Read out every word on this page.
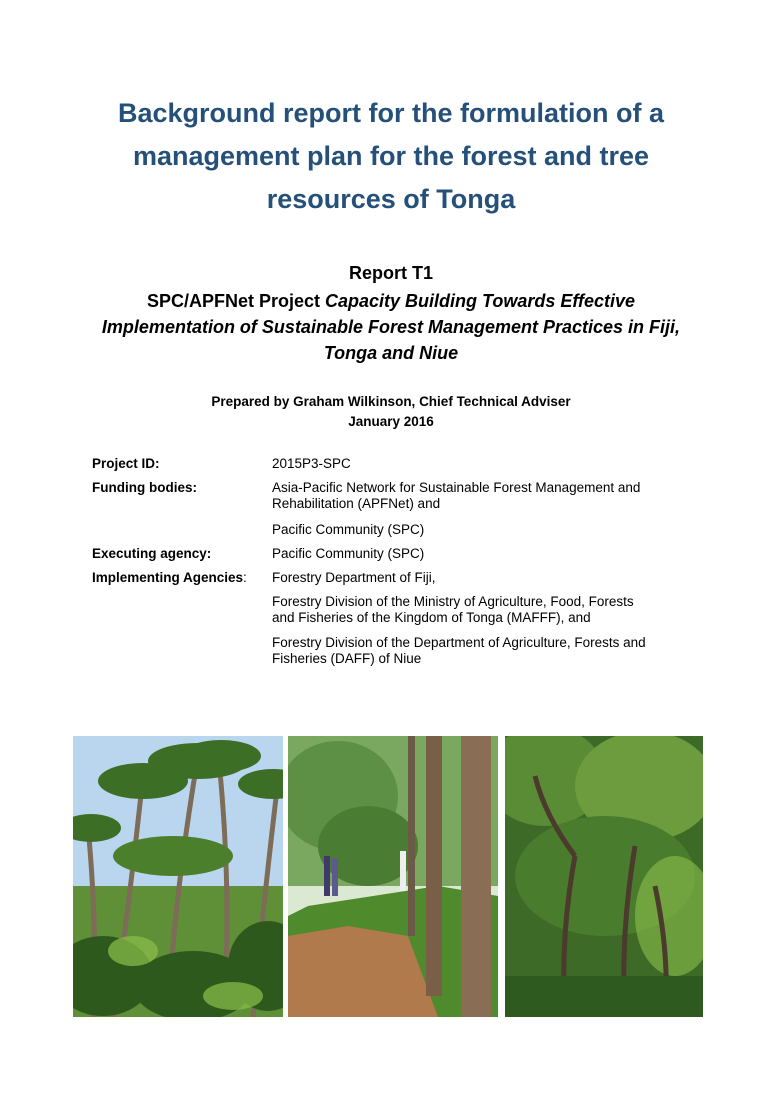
Background report for the formulation of a
management plan for the forest and tree
resources of Tonga
Report T1
SPC/APFNet Project Capacity Building Towards Effective
Implementation of Sustainable Forest Management Practices in Fiji,
Tonga and Niue
Prepared by Graham Wilkinson, Chief Technical Adviser
January 2016
Project ID:	2015P3-SPC
Funding bodies:	Asia-Pacific Network for Sustainable Forest Management and

Rehabilitation (APFNet) and

Pacific Community (SPC)
Executing agency:	Pacific Community (SPC)
Implementing Agencies:	Forestry Department of Fiji,

Forestry Division of the Ministry of Agriculture, Food, Forests

and Fisheries of the Kingdom of Tonga (MAFFF), and

Forestry Division of the Department of Agriculture, Forests and

Fisheries (DAFF) of Niue
